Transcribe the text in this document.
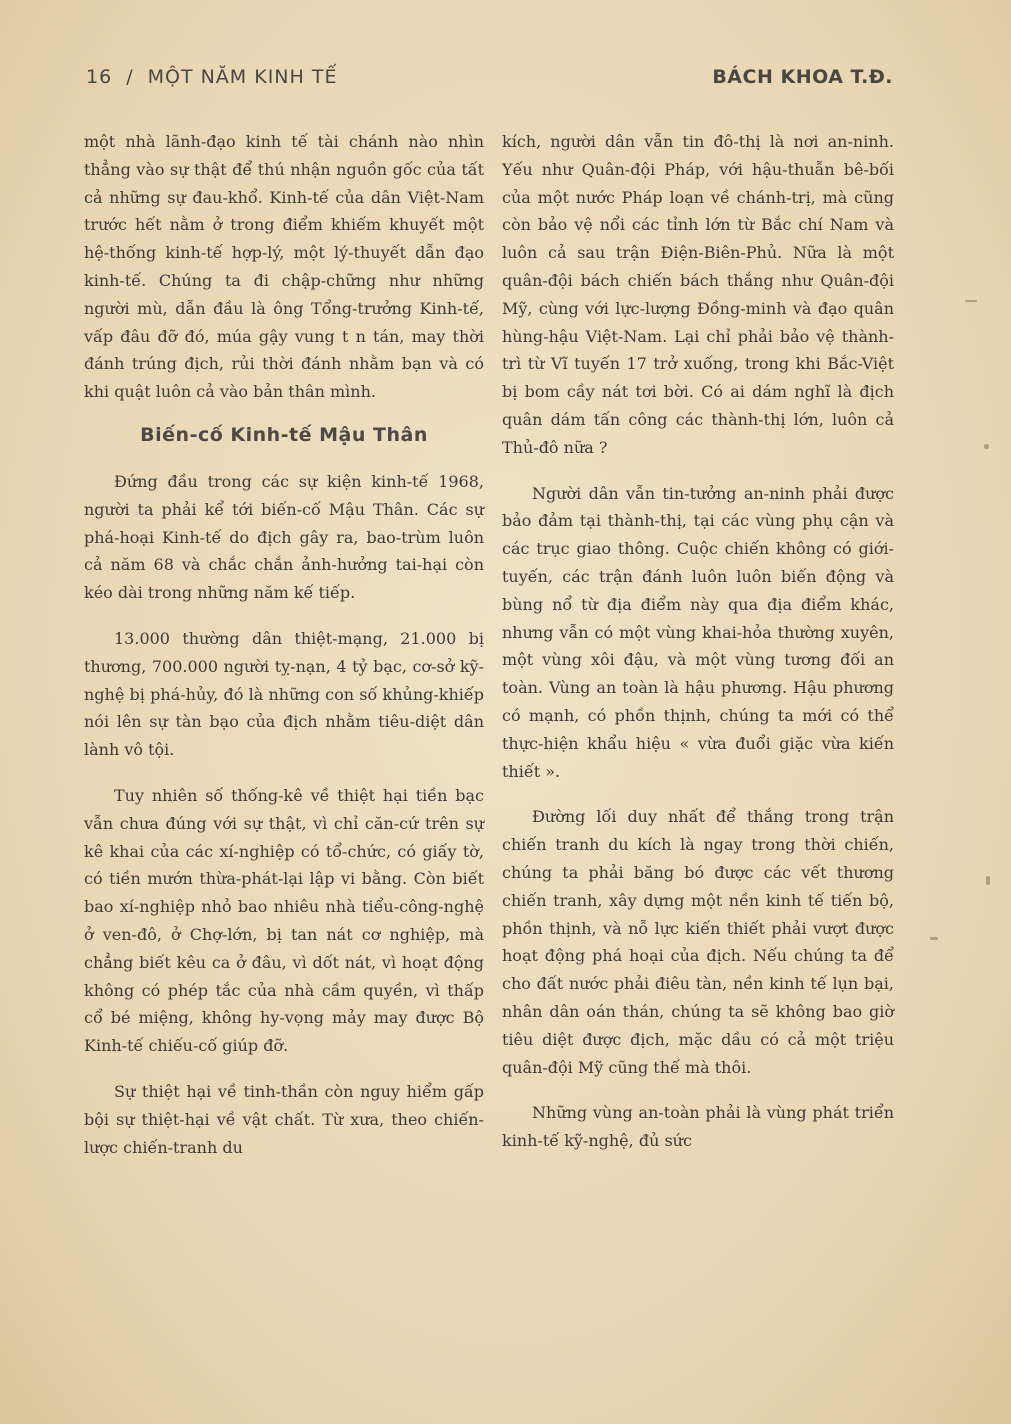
16 / MỘT NĂM KINH TẾ	BÁCH KHOA T.Đ.

một nhà lãnh-đạo kinh tế tài chánh nào nhìn thẳng vào sự thật để thú nhận nguồn gốc của tất cả những sự đau-khổ. Kinh-tế của dân Việt-Nam trước hết nằm ở trong điểm khiếm khuyết một hệ-thống kinh-tế hợp-lý, một lý-thuyết dẫn đạo kinh-tế. Chúng ta đi chập-chững như những người mù, dẫn đầu là ông Tổng-trưởng Kinh-tế, vấp đâu đỡ đó, múa gậy vung t n tán, may thời đánh trúng địch, rủi thời đánh nhằm bạn và có khi quật luôn cả vào bản thân mình.

Biến-cố Kinh-tế Mậu Thân

Đứng đầu trong các sự kiện kinh-tế 1968, người ta phải kể tới biến-cố Mậu Thân. Các sự phá-hoại Kinh-tế do địch gây ra, bao-trùm luôn cả năm 68 và chắc chắn ảnh-hưởng tai-hại còn kéo dài trong những năm kế tiếp.

13.000 thường dân thiệt-mạng, 21.000 bị thương, 700.000 người tỵ-nạn, 4 tỷ bạc, cơ-sở kỹ-nghệ bị phá-hủy, đó là những con số khủng-khiếp nói lên sự tàn bạo của địch nhằm tiêu-diệt dân lành vô tội.

Tuy nhiên số thống-kê về thiệt hại tiền bạc vẫn chưa đúng với sự thật, vì chỉ căn-cứ trên sự kê khai của các xí-nghiệp có tổ-chức, có giấy tờ, có tiền mướn thừa-phát-lại lập vi bằng. Còn biết bao xí-nghiệp nhỏ bao nhiêu nhà tiểu-công-nghệ ở ven-đô, ở Chợ-lớn, bị tan nát cơ nghiệp, mà chẳng biết kêu ca ở đâu, vì dốt nát, vì hoạt động không có phép tắc của nhà cầm quyền, vì thấp cổ bé miệng, không hy-vọng mảy may được Bộ Kinh-tế chiếu-cố giúp đỡ.

Sự thiệt hại về tinh-thần còn nguy hiểm gấp bội sự thiệt-hại về vật chất. Từ xưa, theo chiến-lược chiến-tranh du

kích, người dân vẫn tin đô-thị là nơi an-ninh. Yếu như Quân-đội Pháp, với hậu-thuẫn bê-bối của một nước Pháp loạn về chánh-trị, mà cũng còn bảo vệ nổi các tỉnh lớn từ Bắc chí Nam và luôn cả sau trận Điện-Biên-Phủ. Nữa là một quân-đội bách chiến bách thắng như Quân-đội Mỹ, cùng với lực-lượng Đồng-minh và đạo quân hùng-hậu Việt-Nam. Lại chỉ phải bảo vệ thành-trì từ Vĩ tuyến 17 trở xuống, trong khi Bắc-Việt bị bom cầy nát tơi bời. Có ai dám nghĩ là địch quân dám tấn công các thành-thị lớn, luôn cả Thủ-đô nữa ?

Người dân vẫn tin-tưởng an-ninh phải được bảo đảm tại thành-thị, tại các vùng phụ cận và các trục giao thông. Cuộc chiến không có giới-tuyến, các trận đánh luôn luôn biến động và bùng nổ từ địa điểm này qua địa điểm khác, nhưng vẫn có một vùng khai-hỏa thường xuyên, một vùng xôi đậu, và một vùng tương đối an toàn. Vùng an toàn là hậu phương. Hậu phương có mạnh, có phồn thịnh, chúng ta mới có thể thực-hiện khẩu hiệu « vừa đuổi giặc vừa kiến thiết ».

Đường lối duy nhất để thắng trong trận chiến tranh du kích là ngay trong thời chiến, chúng ta phải băng bó được các vết thương chiến tranh, xây dựng một nền kinh tế tiến bộ, phồn thịnh, và nỗ lực kiến thiết phải vượt được hoạt động phá hoại của địch. Nếu chúng ta để cho đất nước phải điêu tàn, nền kinh tế lụn bại, nhân dân oán thán, chúng ta sẽ không bao giờ tiêu diệt được địch, mặc dầu có cả một triệu quân-đội Mỹ cũng thế mà thôi.

Những vùng an-toàn phải là vùng phát triển kinh-tế kỹ-nghệ, đủ sức
